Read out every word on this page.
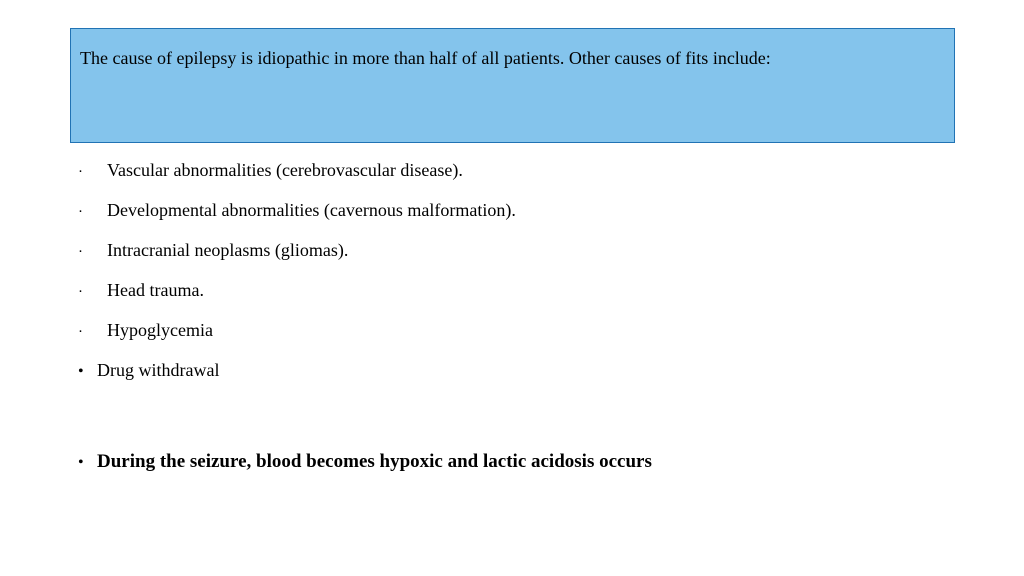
The cause of epilepsy is idiopathic in more than half of all patients. Other causes of fits include:
·	Vascular abnormalities (cerebrovascular disease).
·	Developmental abnormalities (cavernous malformation).
·	Intracranial neoplasms (gliomas).
·	Head trauma.
·	Hypoglycemia
• Drug withdrawal
• During the seizure, blood becomes hypoxic and lactic acidosis occurs
